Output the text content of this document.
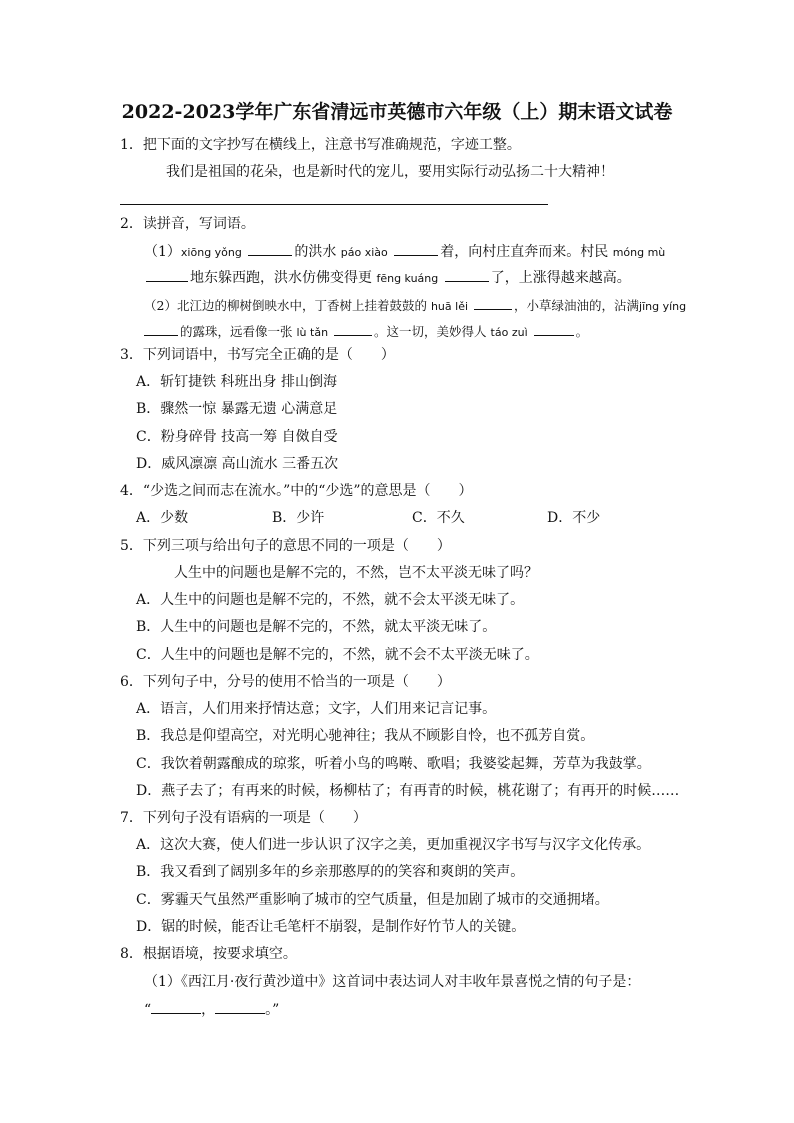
2022-2023学年广东省清远市英德市六年级（上）期末语文试卷
1．把下面的文字抄写在横线上，注意书写准确规范，字迹工整。
我们是祖国的花朵，也是新时代的宠儿，要用实际行动弘扬二十大精神！
2．读拼音，写词语。
（1）xiōng yǒng	的洪水 páo xiào	着，向村庄直奔而来。村民 móng mù
地东躲西跑，洪水仿佛变得更 fēng kuáng	了，上涨得越来越高。
（2）北江边的柳树倒映水中，丁香树上挂着鼓鼓的 huā lěi	，小草绿油油的，沾满jīng yíng
的露珠，远看像一张 lù tǎn	。这一切，美妙得人 táo zuì	。
3．下列词语中，书写完全正确的是（　　）
A．斩钉捷铁 科班出身 排山倒海
B．骤然一惊 暴露无遗 心满意足
C．粉身碎骨 技高一筹 自傚自受
D．威风凛凛 高山流水 三番五次
4．“少选之间而志在流水。”中的“少选”的意思是（　　）
A．少数	B．少许	C．不久	D．不少
5．下列三项与给出句子的意思不同的一项是（　　）
人生中的问题也是解不完的，不然，岂不太平淡无味了吗？
A．人生中的问题也是解不完的，不然，就不会太平淡无味了。
B．人生中的问题也是解不完的，不然，就太平淡无味了。
C．人生中的问题也是解不完的，不然，就不会不太平淡无味了。
6．下列句子中，分号的使用不恰当的一项是（　　）
A．语言，人们用来抒情达意；文字，人们用来记言记事。
B．我总是仰望高空，对光明心驰神往；我从不顾影自怜，也不孤芳自赏。
C．我饮着朝露酿成的琼浆，听着小鸟的鸣啭、歌唱；我婆娑起舞，芳草为我鼓掌。
D．燕子去了；有再来的时候，杨柳枯了；有再青的时候，桃花谢了；有再开的时候……
7．下列句子没有语病的一项是（　　）
A．这次大赛，使人们进一步认识了汉字之美，更加重视汉字书写与汉字文化传承。
B．我又看到了阔别多年的乡亲那憨厚的的笑容和爽朗的笑声。
C．雾霾天气虽然严重影响了城市的空气质量，但是加剧了城市的交通拥堵。
D．锯的时候，能否让毛笔杆不崩裂，是制作好竹节人的关键。
8．根据语境，按要求填空。
（1）《西江月·夜行黄沙道中》这首词中表达词人对丰收年景喜悦之情的句子是：
“	，	。”
